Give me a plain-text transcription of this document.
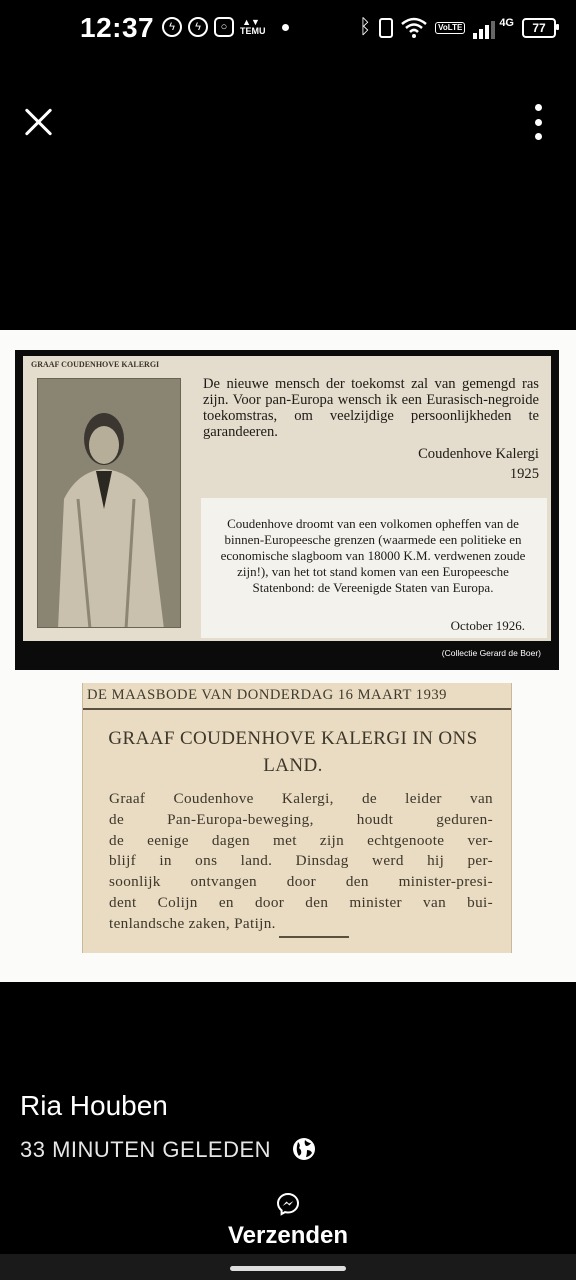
12:37	ϟ	ϟ	○	▲▼
TEMU	ᛒ	VoLTE	4G 77
GRAAF COUDENHOVE KALERGI
De nieuwe mensch der toekomst zal van gemengd ras zijn. Voor pan-Europa wensch ik een Eurasisch-negroide toekomstras, om veelzijdige persoonlijkheden te garandeeren.
Coudenhove Kalergi
1925
Coudenhove droomt van een volkomen opheffen van de binnen-Europeesche grenzen (waarmede een politieke en economische slagboom van 18000 K.M. verdwenen zoude zijn!), van het tot stand komen van een Europeesche Statenbond: de Vereenigde Staten van Europa.
October 1926.
(Collectie Gerard de Boer)
DE MAASBODE VAN DONDERDAG 16 MAART 1939
GRAAF COUDENHOVE KALERGI IN ONS LAND.
Graaf Coudenhove Kalergi, de leider van
de Pan-Europa-beweging, houdt geduren-
de eenige dagen met zijn echtgenoote ver-
blijf in ons land. Dinsdag werd hij per-
soonlijk ontvangen door den minister-presi-
dent Colijn en door den minister van bui-
tenlandsche zaken, Patijn.
Ria Houben
33 MINUTEN GELEDEN
Verzenden
